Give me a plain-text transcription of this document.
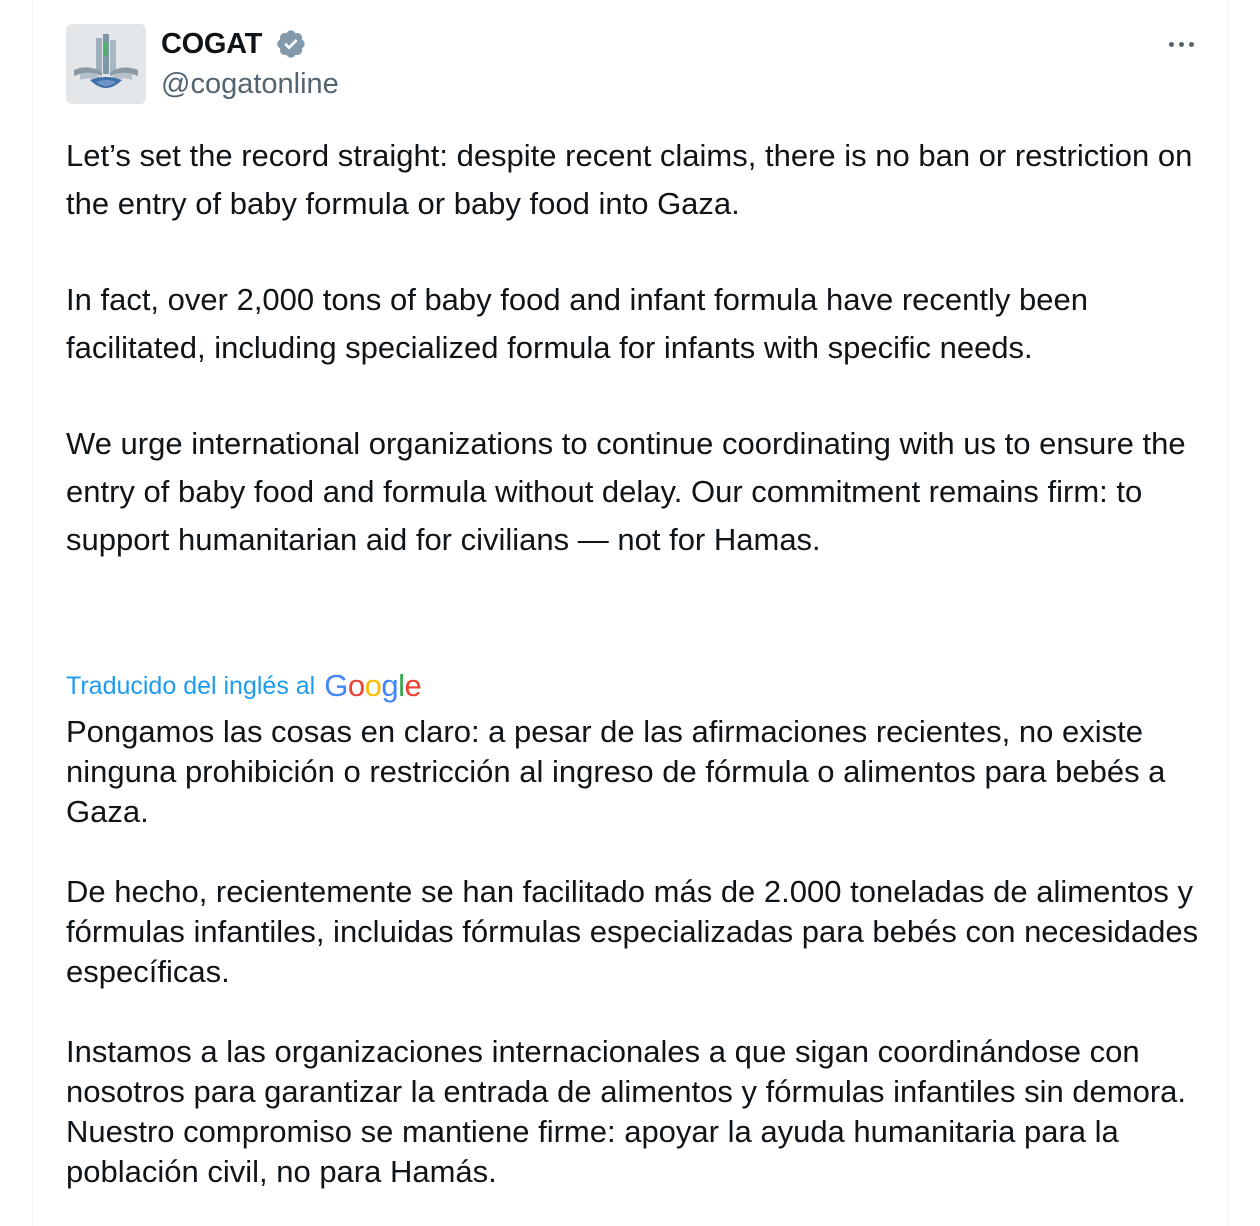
COGAT
@cogatonline

Let’s set the record straight: despite recent claims, there is no ban or restriction on the entry of baby formula or baby food into Gaza.

In fact, over 2,000 tons of baby food and infant formula have recently been facilitated, including specialized formula for infants with specific needs.

We urge international organizations to continue coordinating with us to ensure the entry of baby food and formula without delay. Our commitment remains firm: to support humanitarian aid for civilians — not for Hamas.

Traducido del inglés al Google

Pongamos las cosas en claro: a pesar de las afirmaciones recientes, no existe ninguna prohibición o restricción al ingreso de fórmula o alimentos para bebés a Gaza.

De hecho, recientemente se han facilitado más de 2.000 toneladas de alimentos y fórmulas infantiles, incluidas fórmulas especializadas para bebés con necesidades específicas.

Instamos a las organizaciones internacionales a que sigan coordinándose con nosotros para garantizar la entrada de alimentos y fórmulas infantiles sin demora. Nuestro compromiso se mantiene firme: apoyar la ayuda humanitaria para la población civil, no para Hamás.
